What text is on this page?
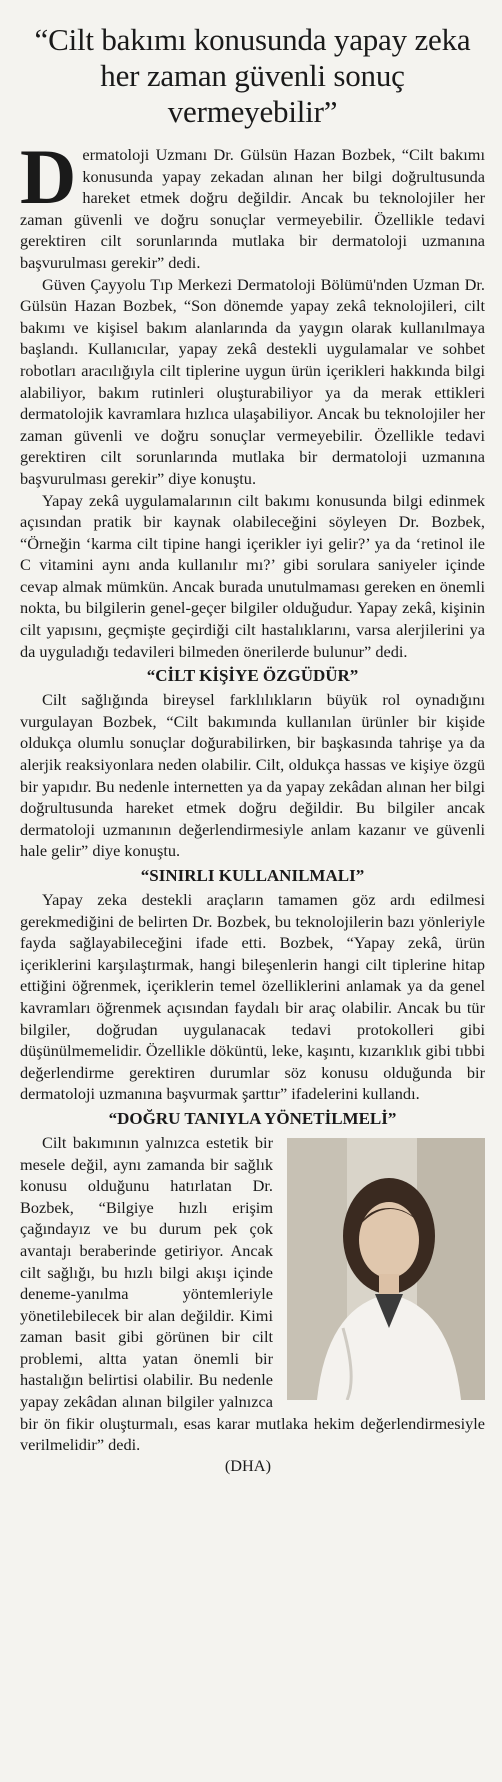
“Cilt bakımı konusunda yapay zeka her zaman güvenli sonuç vermeyebilir”

Dermatoloji Uzmanı Dr. Gülsün Hazan Bozbek, “Cilt bakımı konusunda yapay zekadan alınan her bilgi doğrultusunda hareket etmek doğru değildir. Ancak bu teknolojiler her zaman güvenli ve doğru sonuçlar vermeyebilir. Özellikle tedavi gerektiren cilt sorunlarında mutlaka bir dermatoloji uzmanına başvurulması gerekir” dedi.

Güven Çayyolu Tıp Merkezi Dermatoloji Bölümü'nden Uzman Dr. Gülsün Hazan Bozbek, “Son dönemde yapay zekâ teknolojileri, cilt bakımı ve kişisel bakım alanlarında da yaygın olarak kullanılmaya başlandı. Kullanıcılar, yapay zekâ destekli uygulamalar ve sohbet robotları aracılığıyla cilt tiplerine uygun ürün içerikleri hakkında bilgi alabiliyor, bakım rutinleri oluşturabiliyor ya da merak ettikleri dermatolojik kavramlara hızlıca ulaşabiliyor. Ancak bu teknolojiler her zaman güvenli ve doğru sonuçlar vermeyebilir. Özellikle tedavi gerektiren cilt sorunlarında mutlaka bir dermatoloji uzmanına başvurulması gerekir” diye konuştu.

Yapay zekâ uygulamalarının cilt bakımı konusunda bilgi edinmek açısından pratik bir kaynak olabileceğini söyleyen Dr. Bozbek, “Örneğin ‘karma cilt tipine hangi içerikler iyi gelir?’ ya da ‘retinol ile C vitamini aynı anda kullanılır mı?’ gibi sorulara saniyeler içinde cevap almak mümkün. Ancak burada unutulmaması gereken en önemli nokta, bu bilgilerin genel-geçer bilgiler olduğudur. Yapay zekâ, kişinin cilt yapısını, geçmişte geçirdiği cilt hastalıklarını, varsa alerjilerini ya da uyguladığı tedavileri bilmeden önerilerde bulunur” dedi.

“CİLT KİŞİYE ÖZGÜDÜR”

Cilt sağlığında bireysel farklılıkların büyük rol oynadığını vurgulayan Bozbek, “Cilt bakımında kullanılan ürünler bir kişide oldukça olumlu sonuçlar doğurabilirken, bir başkasında tahrişe ya da alerjik reaksiyonlara neden olabilir. Cilt, oldukça hassas ve kişiye özgü bir yapıdır. Bu nedenle internetten ya da yapay zekâdan alınan her bilgi doğrultusunda hareket etmek doğru değildir. Bu bilgiler ancak dermatoloji uzmanının değerlendirmesiyle anlam kazanır ve güvenli hale gelir” diye konuştu.

“SINIRLI KULLANILMALI”

Yapay zeka destekli araçların tamamen göz ardı edilmesi gerekmediğini de belirten Dr. Bozbek, bu teknolojilerin bazı yönleriyle fayda sağlayabileceğini ifade etti. Bozbek, “Yapay zekâ, ürün içeriklerini karşılaştırmak, hangi bileşenlerin hangi cilt tiplerine hitap ettiğini öğrenmek, içeriklerin temel özelliklerini anlamak ya da genel kavramları öğrenmek açısından faydalı bir araç olabilir. Ancak bu tür bilgiler, doğrudan uygulanacak tedavi protokolleri gibi düşünülmemelidir. Özellikle döküntü, leke, kaşıntı, kızarıklık gibi tıbbi değerlendirme gerektiren durumlar söz konusu olduğunda bir dermatoloji uzmanına başvurmak şarttır” ifadelerini kullandı.

“DOĞRU TANIYLA YÖNETİLMELİ”

Cilt bakımının yalnızca estetik bir mesele değil, aynı zamanda bir sağlık konusu olduğunu hatırlatan Dr. Bozbek, “Bilgiye hızlı erişim çağındayız ve bu durum pek çok avantajı beraberinde getiriyor. Ancak cilt sağlığı, bu hızlı bilgi akışı içinde deneme-yanılma yöntemleriyle yönetilebilecek bir alan değildir. Kimi zaman basit gibi görünen bir cilt problemi, altta yatan önemli bir hastalığın belirtisi olabilir. Bu nedenle yapay zekâdan alınan bilgiler yalnızca bir ön fikir oluşturmalı, esas karar mutlaka hekim değerlendirmesiyle verilmelidir” dedi.

(DHA)
